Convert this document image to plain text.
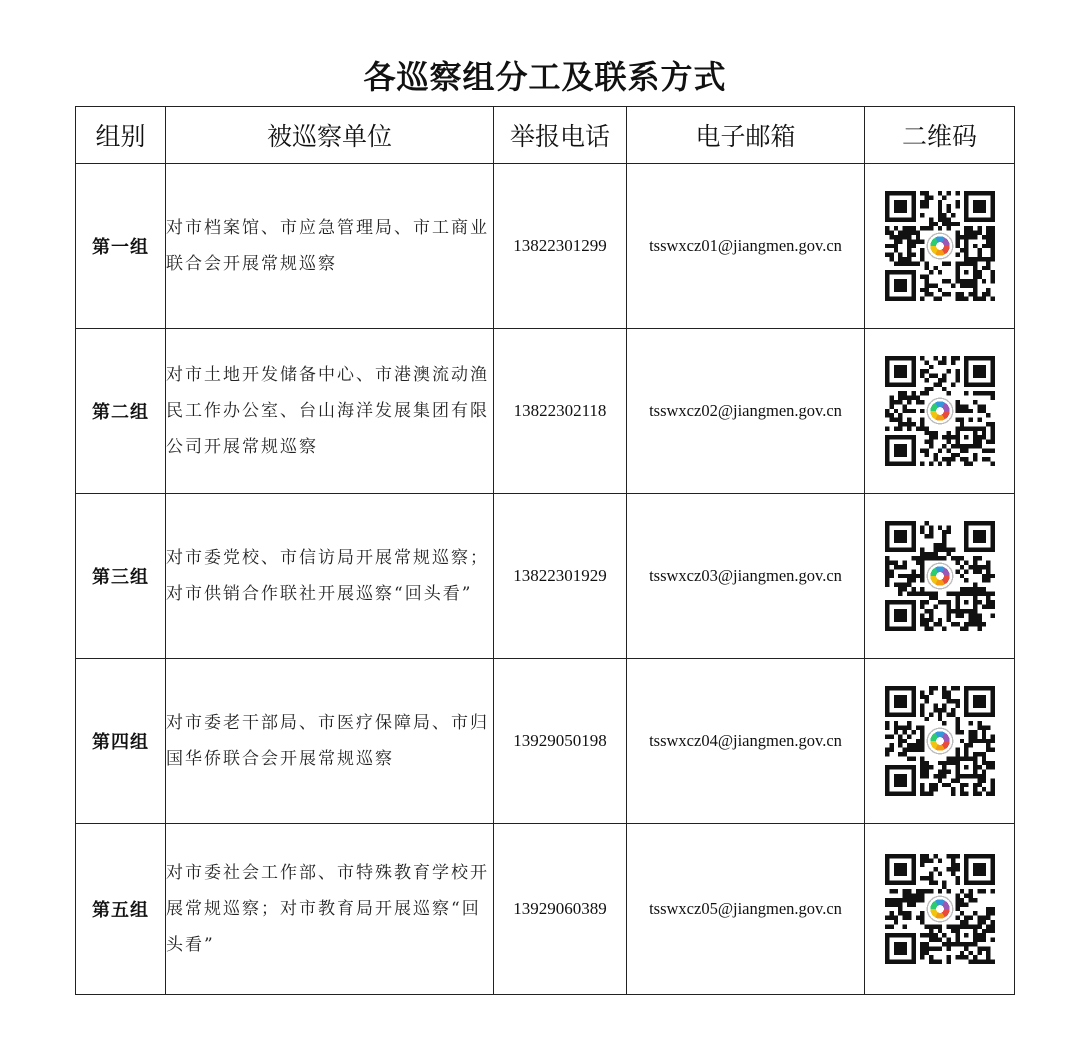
各巡察组分工及联系方式
组别	被巡察单位	举报电话	电子邮箱	二维码
第一组	对市档案馆、市应急管理局、市工商业联合会开展常规巡察	13822301299	tsswxcz01@jiangmen.gov.cn	
第二组	对市土地开发储备中心、市港澳流动渔民工作办公室、台山海洋发展集团有限公司开展常规巡察	13822302118	tsswxcz02@jiangmen.gov.cn	
第三组	对市委党校、市信访局开展常规巡察；对市供销合作联社开展巡察“回头看”	13822301929	tsswxcz03@jiangmen.gov.cn	
第四组	对市委老干部局、市医疗保障局、市归国华侨联合会开展常规巡察	13929050198	tsswxcz04@jiangmen.gov.cn	
第五组	对市委社会工作部、市特殊教育学校开展常规巡察；对市教育局开展巡察“回头看”	13929060389	tsswxcz05@jiangmen.gov.cn	
